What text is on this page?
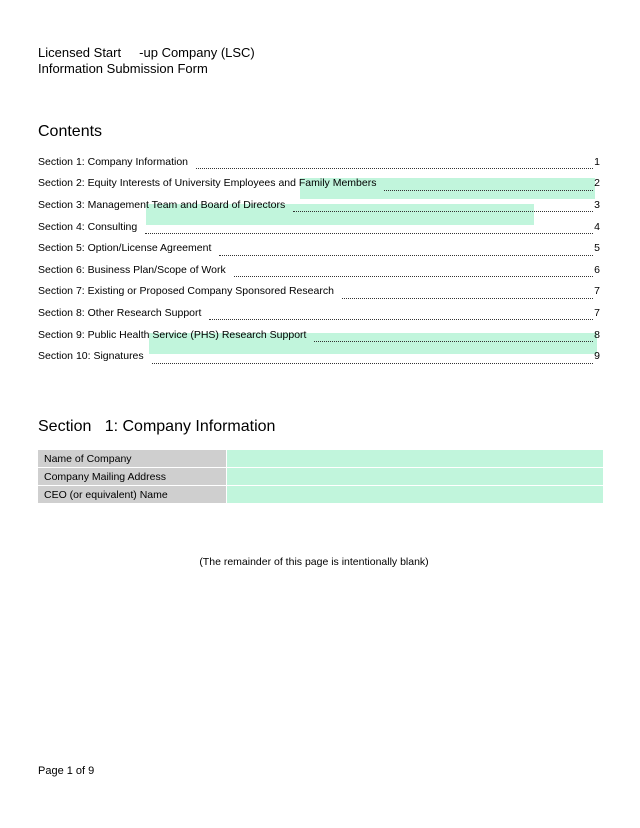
Licensed Start     -up Company (LSC)
Information Submission Form
Contents
Section 1: Company Information	1
Section 2: Equity Interests of University Employees and Family Members	2
Section 3: Management Team and Board of Directors	3
Section 4: Consulting	4
Section 5: Option/License Agreement	5
Section 6: Business Plan/Scope of Work	6
Section 7: Existing or Proposed Company Sponsored Research	7
Section 8: Other Research Support	7
Section 9: Public Health Service (PHS) Research Support	8
Section 10: Signatures	9
Section   1: Company Information
Name of Company	
Company Mailing Address	
CEO (or equivalent) Name	
(The remainder of this page is intentionally blank)
Page 1 of 9
